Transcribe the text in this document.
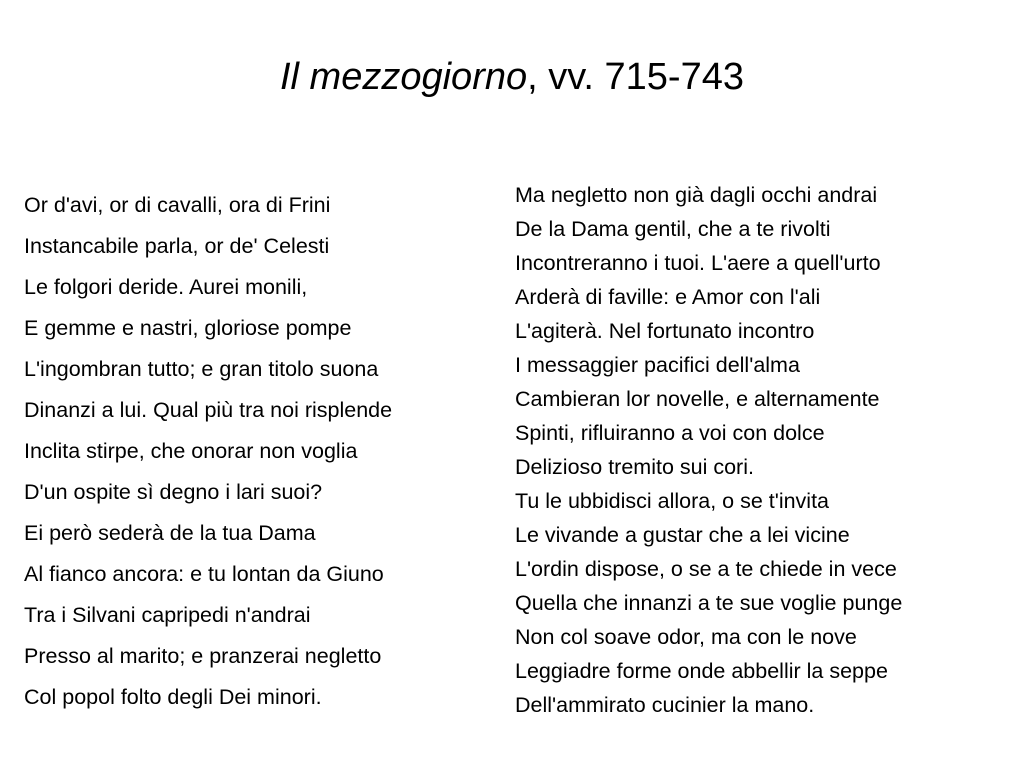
Il mezzogiorno, vv. 715-743
Or d'avi, or di cavalli, ora di Frini
Instancabile parla, or de' Celesti
Le folgori deride. Aurei monili,
E gemme e nastri, gloriose pompe
L'ingombran tutto; e gran titolo suona
Dinanzi a lui. Qual più tra noi risplende
Inclita stirpe, che onorar non voglia
D'un ospite sì degno i lari suoi?
Ei però sederà de la tua Dama
Al fianco ancora: e tu lontan da Giuno
Tra i Silvani capripedi n'andrai
Presso al marito; e pranzerai negletto
Col popol folto degli Dei minori.
Ma negletto non già dagli occhi andrai
De la Dama gentil, che a te rivolti
Incontreranno i tuoi. L'aere a quell'urto
Arderà di faville: e Amor con l'ali
L'agiterà. Nel fortunato incontro
I messaggier pacifici dell'alma
Cambieran lor novelle, e alternamente
Spinti, rifluiranno a voi con dolce
Delizioso tremito sui cori.
Tu le ubbidisci allora, o se t'invita
Le vivande a gustar che a lei vicine
L'ordin dispose, o se a te chiede in vece
Quella che innanzi a te sue voglie punge
Non col soave odor, ma con le nove
Leggiadre forme onde abbellir la seppe
Dell'ammirato cucinier la mano.
